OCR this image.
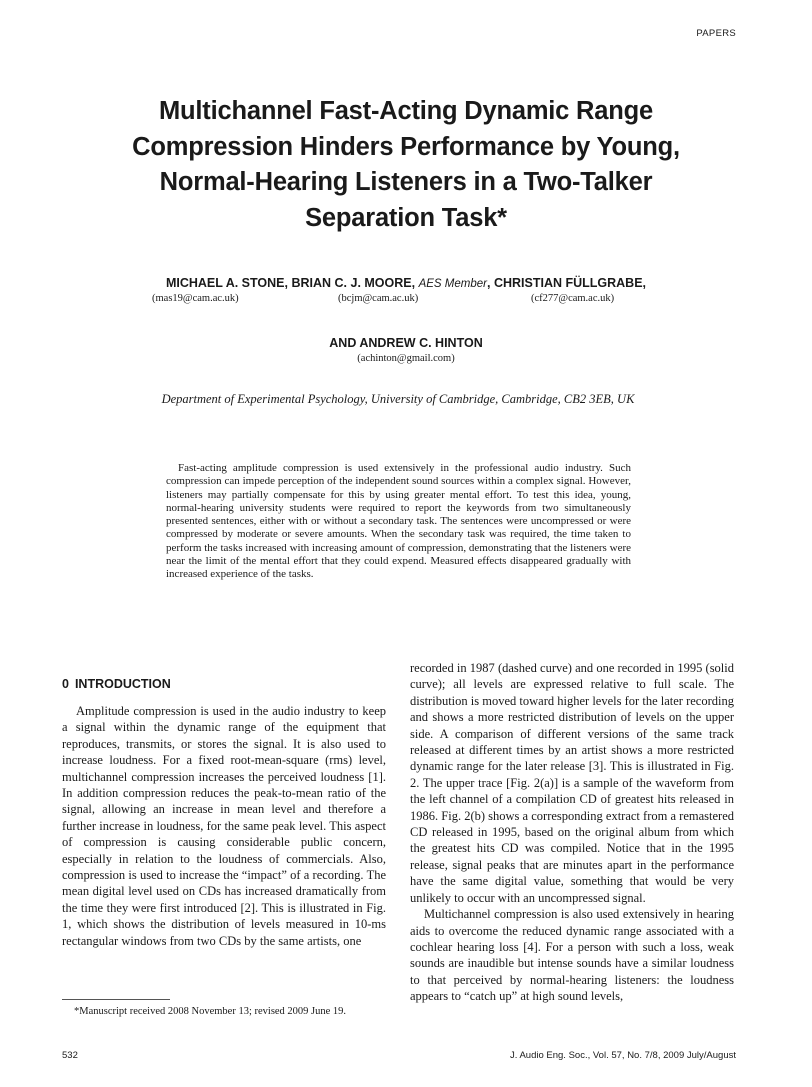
PAPERS
Multichannel Fast-Acting Dynamic Range
Compression Hinders Performance by Young,
Normal-Hearing Listeners in a Two-Talker
Separation Task*
MICHAEL A. STONE, BRIAN C. J. MOORE, AES Member, CHRISTIAN FÜLLGRABE,
(mas19@cam.ac.uk)	(bcjm@cam.ac.uk)	(cf277@cam.ac.uk)
AND ANDREW C. HINTON
(achinton@gmail.com)
Department of Experimental Psychology, University of Cambridge, Cambridge, CB2 3EB, UK

Fast-acting amplitude compression is used extensively in the professional audio industry. Such compression can impede perception of the independent sound sources within a complex signal. However, listeners may partially compensate for this by using greater mental effort. To test this idea, young, normal-hearing university students were required to report the keywords from two simultaneously presented sentences, either with or without a secondary task. The sentences were uncompressed or were compressed by moderate or severe amounts. When the secondary task was required, the time taken to perform the tasks increased with increasing amount of compression, demonstrating that the listeners were near the limit of the mental effort that they could expend. Measured effects disappeared gradually with increased experience of the tasks.

0 INTRODUCTION

Amplitude compression is used in the audio industry to keep a signal within the dynamic range of the equipment that reproduces, transmits, or stores the signal. It is also used to increase loudness. For a fixed root-mean-square (rms) level, multichannel compression increases the perceived loudness [1]. In addition compression reduces the peak-to-mean ratio of the signal, allowing an increase in mean level and therefore a further increase in loudness, for the same peak level. This aspect of compression is causing considerable public concern, especially in relation to the loudness of commercials. Also, compression is used to increase the “impact” of a recording. The mean digital level used on CDs has increased dramatically from the time they were first introduced [2]. This is illustrated in Fig. 1, which shows the distribution of levels measured in 10-ms rectangular windows from two CDs by the same artists, one

recorded in 1987 (dashed curve) and one recorded in 1995 (solid curve); all levels are expressed relative to full scale. The distribution is moved toward higher levels for the later recording and shows a more restricted distribution of levels on the upper side. A comparison of different versions of the same track released at different times by an artist shows a more restricted dynamic range for the later release [3]. This is illustrated in Fig. 2. The upper trace [Fig. 2(a)] is a sample of the waveform from the left channel of a compilation CD of greatest hits released in 1986. Fig. 2(b) shows a corresponding extract from a remastered CD released in 1995, based on the original album from which the greatest hits CD was compiled. Notice that in the 1995 release, signal peaks that are minutes apart in the performance have the same digital value, something that would be very unlikely to occur with an uncompressed signal.

Multichannel compression is also used extensively in hearing aids to overcome the reduced dynamic range associated with a cochlear hearing loss [4]. For a person with such a loss, weak sounds are inaudible but intense sounds have a similar loudness to that perceived by normal-hearing listeners: the loudness appears to “catch up” at high sound levels,

*Manuscript received 2008 November 13; revised 2009 June 19.

532	J. Audio Eng. Soc., Vol. 57, No. 7/8, 2009 July/August
